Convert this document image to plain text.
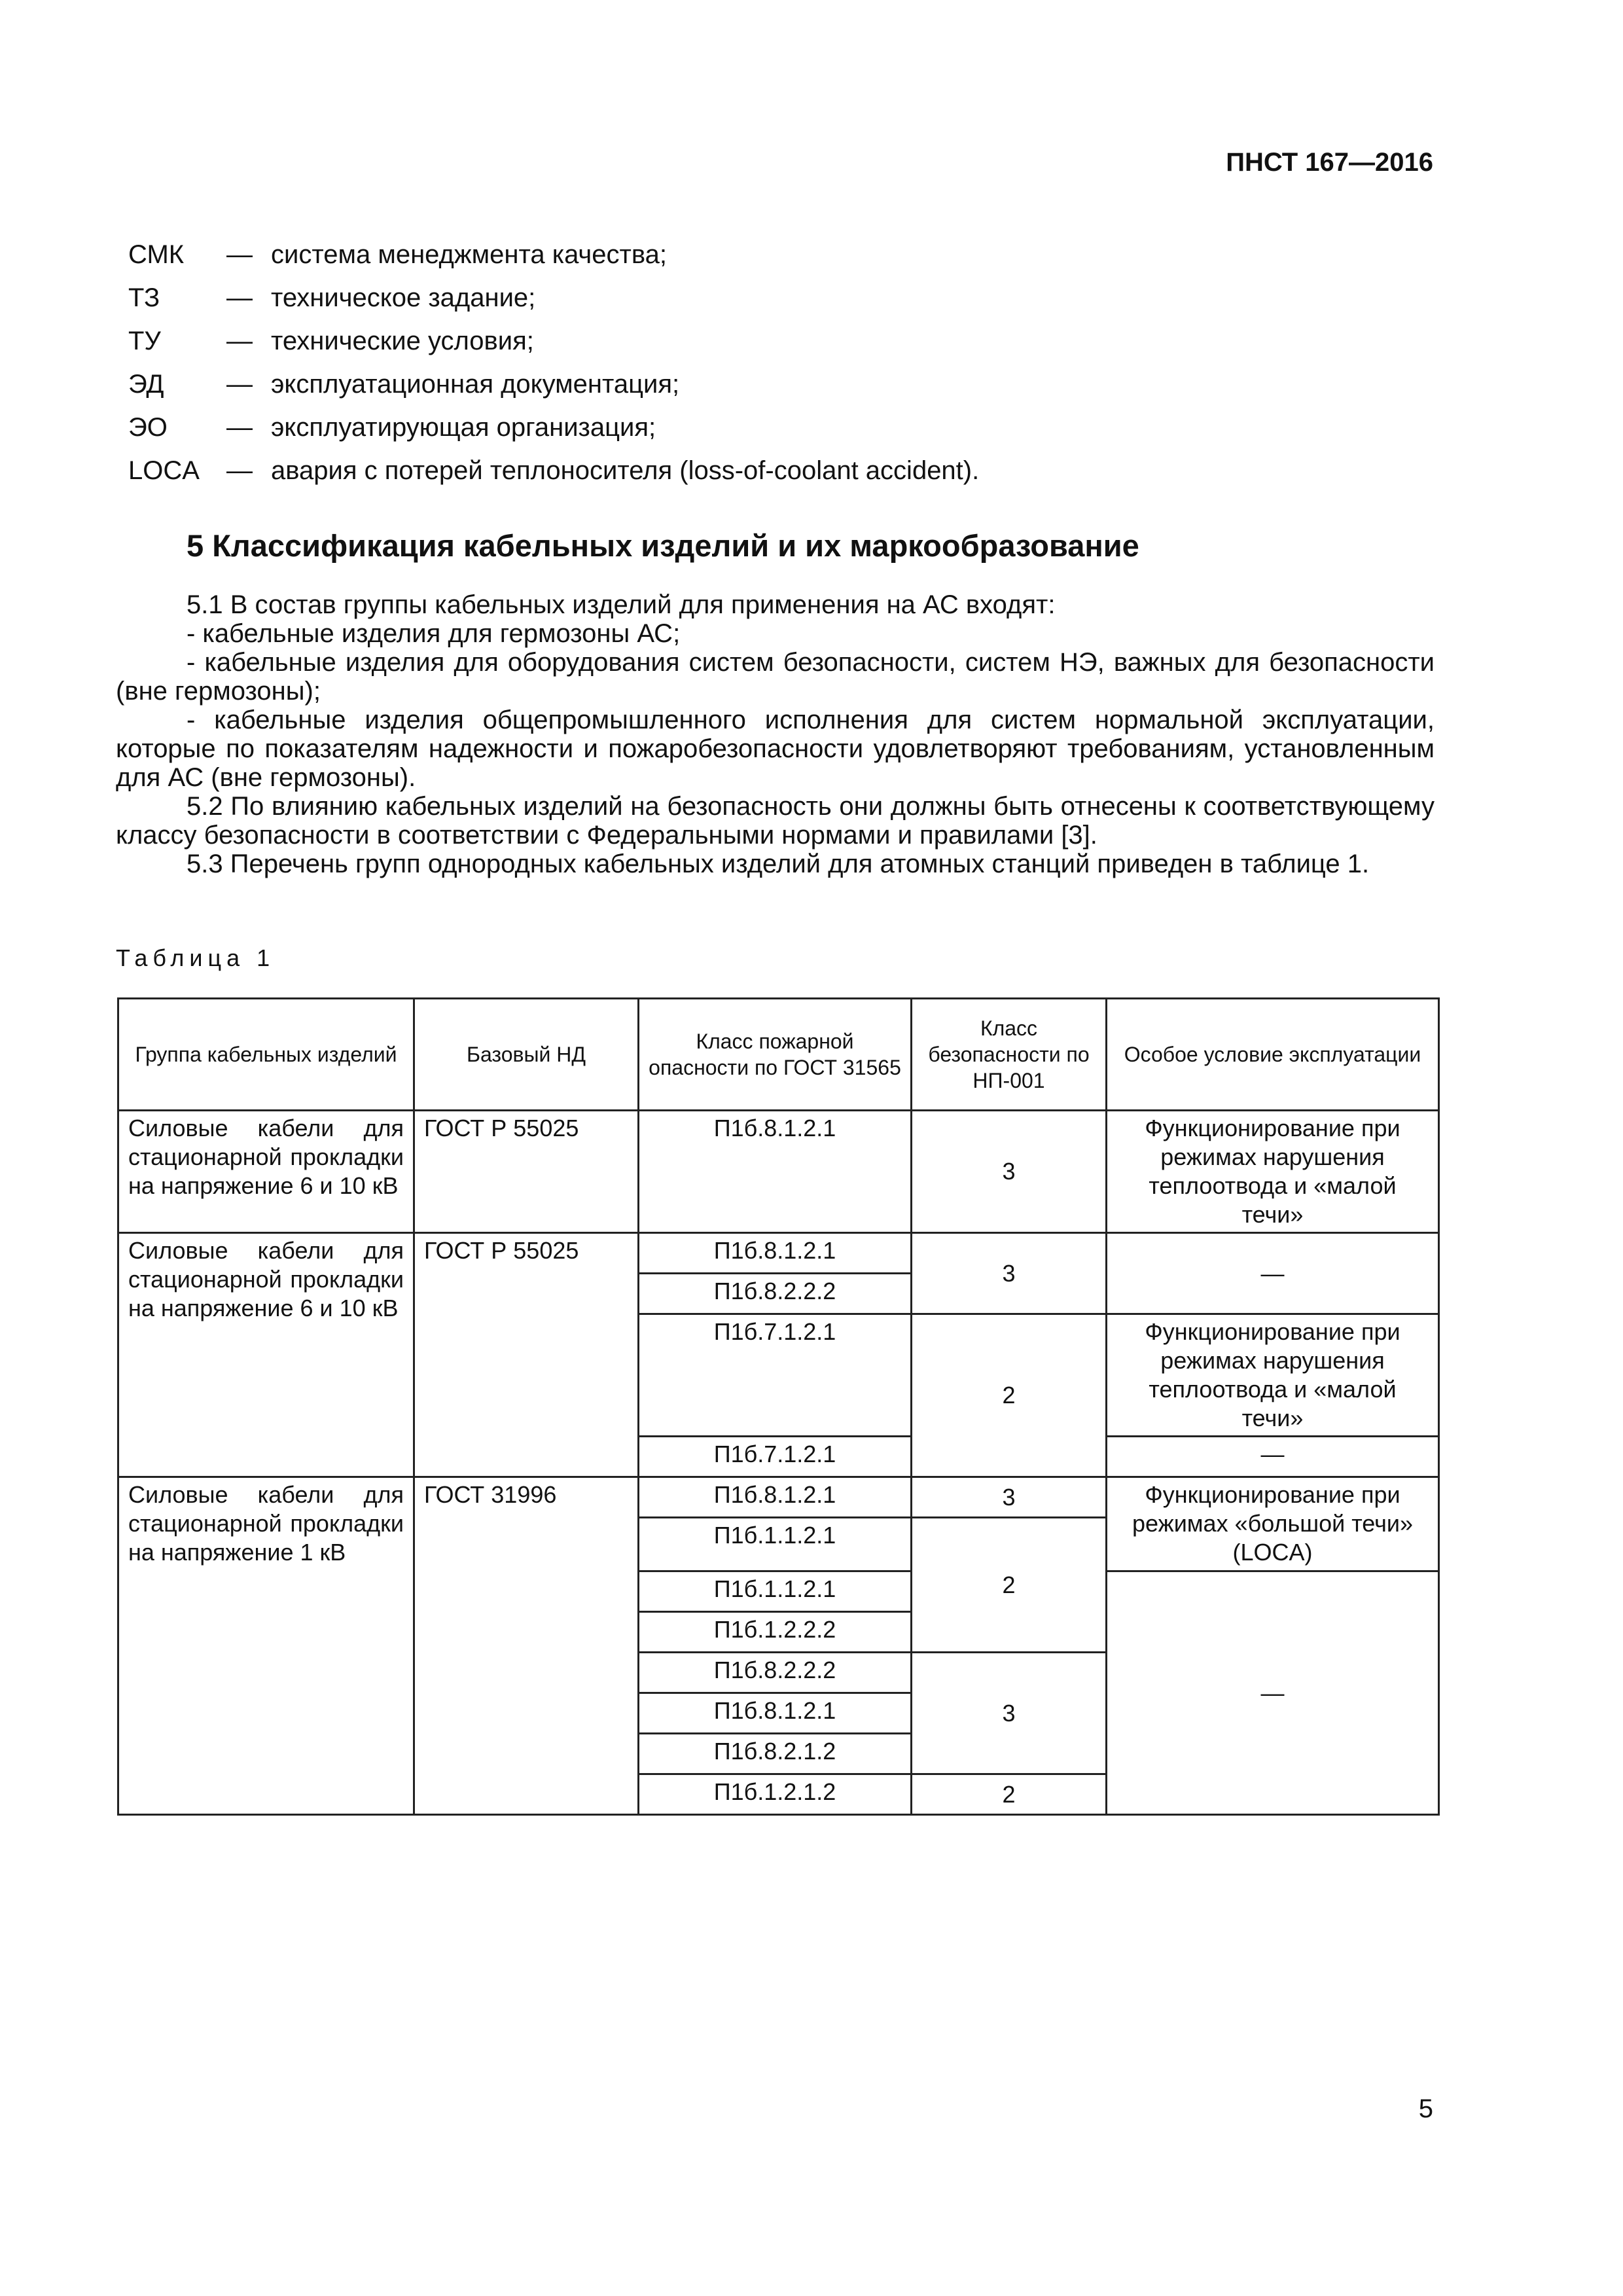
ПНСТ 167—2016
СМК — система менеджмента качества;
ТЗ	— техническое задание;
ТУ	— технические условия;
ЭД — эксплуатационная документация;
ЭО — эксплуатирующая организация;
LOCA — авария с потерей теплоносителя (loss-of-coolant accident).
5 Классификация кабельных изделий и их маркообразование

5.1 В состав группы кабельных изделий для применения на АС входят:

- кабельные изделия для гермозоны АС;

- кабельные изделия для оборудования систем безопасности, систем НЭ, важных для безопасности (вне гермозоны);

- кабельные изделия общепромышленного исполнения для систем нормальной эксплуатации, которые по показателям надежности и пожаробезопасности удовлетворяют требованиям, установленным для АС (вне гермозоны).

5.2 По влиянию кабельных изделий на безопасность они должны быть отнесены к соответствующему классу безопасности в соответствии с Федеральными нормами и правилами [3].

5.3 Перечень групп однородных кабельных изделий для атомных станций приведен в таблице 1.

Таблица 1
Группа кабельных изделий	Базовый НД	Класс пожарной опасности по ГОСТ 31565	Класс безопасности по НП-001	Особое условие эксплуатации
Силовые кабели для стационарной прокладки на напряжение 6 и 10 кВ	ГОСТ Р 55025	П1б.8.1.2.1	3	Функционирование при режимах нарушения теплоотвода и «малой течи»
Силовые кабели для стационарной прокладки на напряжение 6 и 10 кВ	ГОСТ Р 55025	П1б.8.1.2.1	3	—
		П1б.8.2.2.2		
		П1б.7.1.2.1	2	Функционирование при режимах нарушения теплоотвода и «малой течи»
		П1б.7.1.2.1		—
Силовые кабели для стационарной прокладки на напряжение 1 кВ	ГОСТ 31996	П1б.8.1.2.1	3	Функционирование при режимах «большой течи» (LOCA)
		П1б.1.1.2.1	2	
		П1б.1.1.2.1		—
		П1б.1.2.2.2		
		П1б.8.2.2.2	3	
		П1б.8.1.2.1		
		П1б.8.2.1.2		
		П1б.1.2.1.2	2	
5
